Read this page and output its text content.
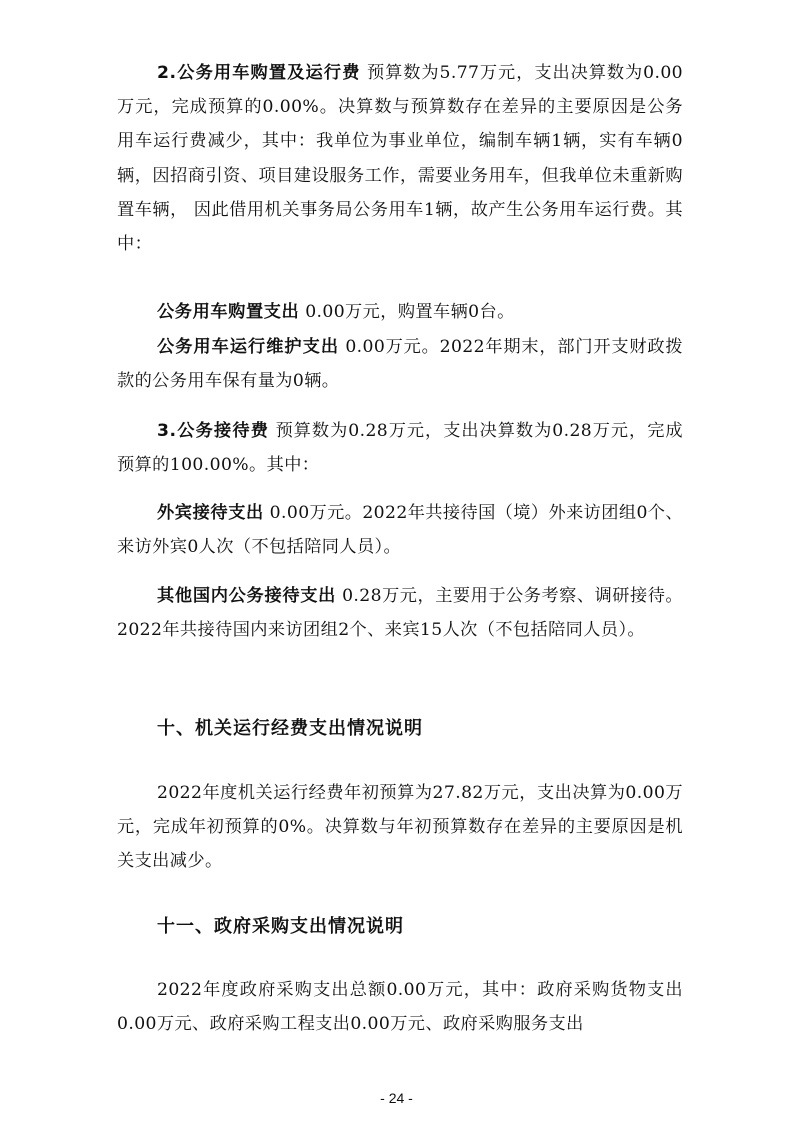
2.公务用车购置及运行费 预算数为5.77万元，支出决算数为0.00万元，完成预算的0.00%。决算数与预算数存在差异的主要原因是公务用车运行费减少，其中：我单位为事业单位，编制车辆1辆，实有车辆0辆，因招商引资、项目建设服务工作，需要业务用车，但我单位未重新购置车辆， 因此借用机关事务局公务用车1辆，故产生公务用车运行费。其中：

公务用车购置支出 0.00万元，购置车辆0台。

公务用车运行维护支出 0.00万元。2022年期末，部门开支财政拨款的公务用车保有量为0辆。

3.公务接待费 预算数为0.28万元，支出决算数为0.28万元，完成预算的100.00%。其中：

外宾接待支出 0.00万元。2022年共接待国（境）外来访团组0个、来访外宾0人次（不包括陪同人员）。

其他国内公务接待支出 0.28万元，主要用于公务考察、调研接待。2022年共接待国内来访团组2个、来宾15人次（不包括陪同人员）。

十、机关运行经费支出情况说明

2022年度机关运行经费年初预算为27.82万元，支出决算为0.00万元，完成年初预算的0%。决算数与年初预算数存在差异的主要原因是机关支出减少。

十一、政府采购支出情况说明

2022年度政府采购支出总额0.00万元，其中：政府采购货物支出0.00万元、政府采购工程支出0.00万元、政府采购服务支出

- 24 -
